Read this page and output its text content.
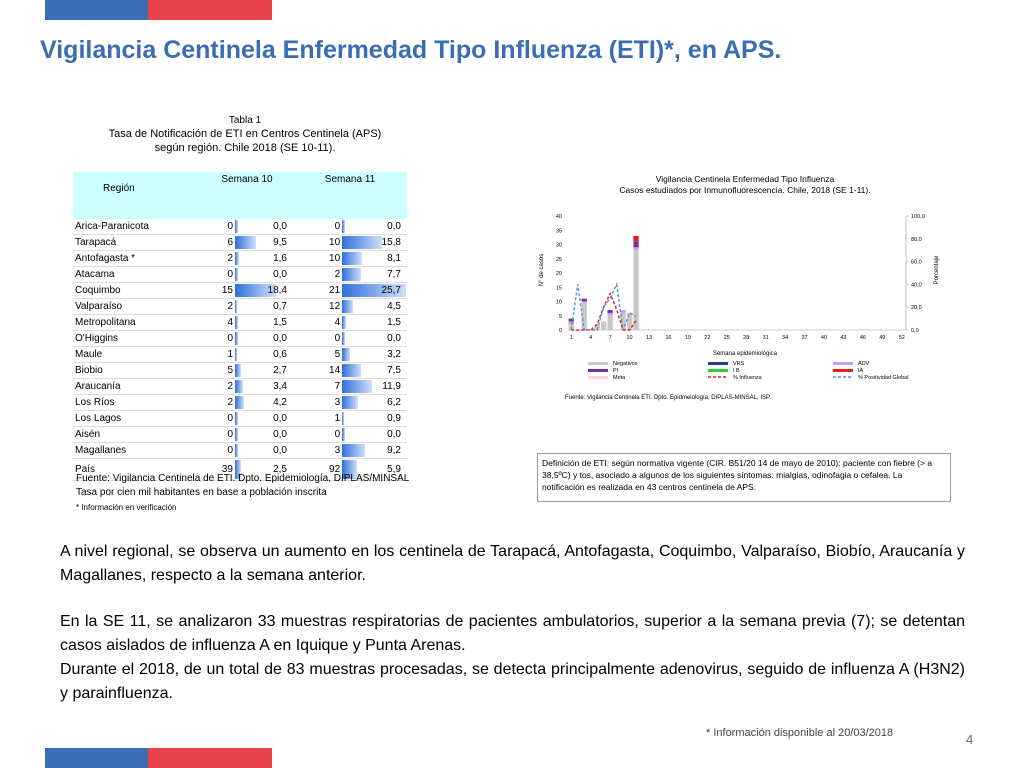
Vigilancia Centinela Enfermedad Tipo Influenza (ETI)*, en APS.
Tabla 1
Tasa de Notificación de ETI en Centros Centinela (APS)
según región. Chile 2018 (SE 10-11).
Región	Semana 10		Semana 11	
Arica-Paranicota	0	0,0	0	0,0
Tarapacá	6	9,5	10	15,8
Antofagasta *	2	1,6	10	8,1
Atacama	0	0,0	2	7,7
Coquimbo	15	18,4	21	25,7
Valparaíso	2	0,7	12	4,5
Metropolitana	4	1,5	4	1,5
O'Higgins	0	0,0	0	0,0
Maule	1	0,6	5	3,2
Biobio	5	2,7	14	7,5
Araucanía	2	3,4	7	11,9
Los Ríos	2	4,2	3	6,2
Los Lagos	0	0,0	1	0,9
Aisén	0	0,0	0	0,0
Magallanes	0	0,0	3	9,2
País	39	2,5	92	5,9
Fuente: Vigilancia Centinela de ETI. Dpto. Epidemiología, DIPLAS/MINSAL
Tasa por cien mil habitantes en base a población inscrita
* Información en verificación
Vigilancia Centinela Enfermedad Tipo Influenza
Casos estudiados por Inmunofluorescencia. Chile, 2018 (SE 1-11).
Semana epidemiológica
N° de casos	Porcentaje
Fuente: Vigilancia Centinela ETI. Dpto. Epidmeiología, DIPLAS-MINSAL, ISP.
0
5
10
15
20
25
30
35
40
0,0
20,0
40,0
60,0
80,0
100,0
1	4	7	10 13 16 19 22 25 28 31 34 37 40 43 46 49 52
Negativos	VRS	ADV
PI	I B	IA
Meta	% Influenza	% Positividad Global
Definición de ETI: según normativa vigente (CIR. B51/20 14 de mayo de 2010): paciente con fiebre (> a 38,5ºC) y tos, asociado a algunos de los siguientes síntomas: mialgias, odinofagia o cefalea. La notificación es realizada en 43 centros centinela de APS.
A nivel regional, se observa un aumento en los centinela de Tarapacá, Antofagasta, Coquimbo, Valparaíso, Biobío, Araucanía y Magallanes, respecto a la semana anterior.
En la SE 11, se analizaron 33 muestras respiratorias de pacientes ambulatorios, superior a la semana previa (7); se detentan casos aislados de influenza A en Iquique y Punta Arenas.
Durante el 2018, de un total de 83 muestras procesadas, se detecta principalmente adenovirus, seguido de influenza A (H3N2) y parainfluenza.
* Información disponible al 20/03/2018	4
